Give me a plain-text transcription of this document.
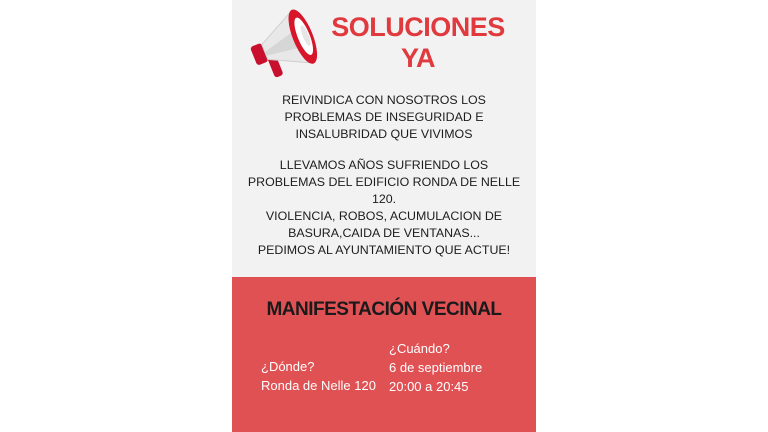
SOLUCIONES
YA
REIVINDICA CON NOSOTROS LOS
PROBLEMAS DE INSEGURIDAD E
INSALUBRIDAD QUE VIVIMOS
LLEVAMOS AÑOS SUFRIENDO LOS
PROBLEMAS DEL EDIFICIO RONDA DE NELLE
120.
VIOLENCIA, ROBOS, ACUMULACION DE
BASURA,CAIDA DE VENTANAS...
PEDIMOS AL AYUNTAMIENTO QUE ACTUE!
MANIFESTACIÓN VECINAL
¿Dónde?
Ronda de Nelle 120
¿Cuándo?
6 de septiembre
20:00 a 20:45
